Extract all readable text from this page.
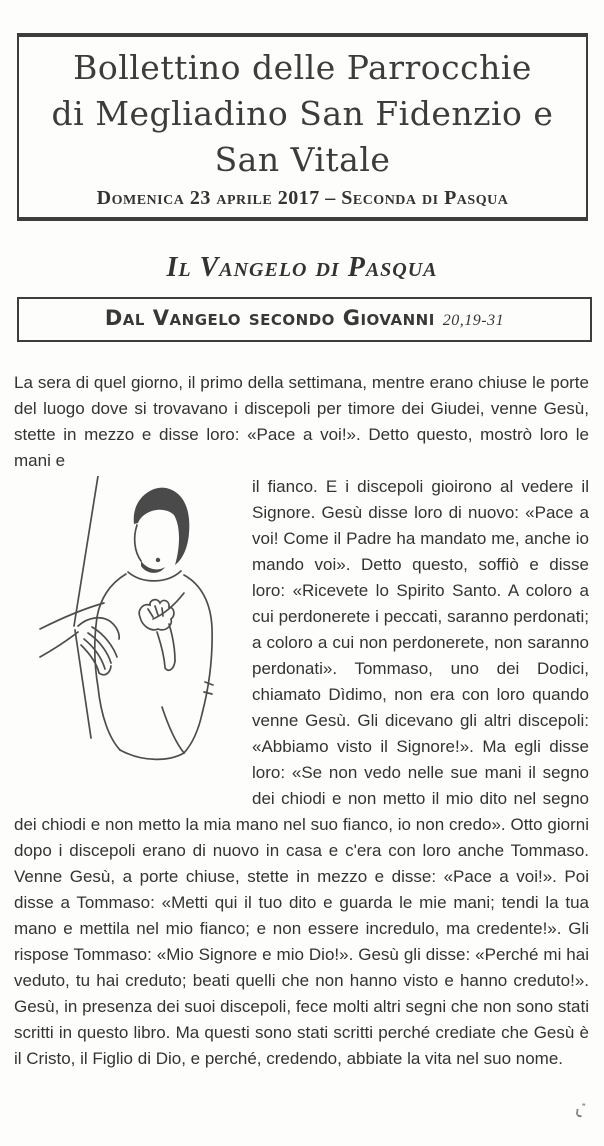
Bollettino delle Parrocchie
di Megliadino San Fidenzio e San Vitale
Domenica 23 aprile 2017 – Seconda di Pasqua
Il Vangelo di Pasqua
Dal Vangelo secondo Giovanni 20,19-31
La sera di quel giorno, il primo della settimana, mentre erano chiuse le porte del luogo dove si trovavano i discepoli per timore dei Giudei, venne Gesù, stette in mezzo e disse loro: «Pace a voi!». Detto questo, mostrò loro le mani e
il fianco. E i discepoli gioirono al vedere il Signore. Gesù disse loro di nuovo: «Pace a voi! Come il Padre ha mandato me, anche io mando voi». Detto questo, soffiò e disse loro: «Ricevete lo Spirito Santo. A coloro a cui perdonerete i peccati, saranno perdonati; a coloro a cui non perdonerete, non saranno perdonati». Tommaso, uno dei Dodici, chiamato Dìdimo, non era con loro quando venne Gesù. Gli dicevano gli altri discepoli: «Abbiamo visto il Signore!». Ma egli disse loro: «Se non vedo nelle sue mani il segno dei chiodi e non metto il mio dito nel segno dei chiodi e non metto la mia mano nel suo fianco, io non credo». Otto giorni dopo i discepoli erano di nuovo in casa e c'era con loro anche Tommaso. Venne Gesù, a porte chiuse, stette in mezzo e disse: «Pace a voi!». Poi disse a Tommaso: «Metti qui il tuo dito e guarda le mie mani; tendi la tua mano e mettila nel mio fianco; e non essere incredulo, ma credente!». Gli rispose Tommaso: «Mio Signore e mio Dio!». Gesù gli disse: «Perché mi hai veduto, tu hai creduto; beati quelli che non hanno visto e hanno creduto!». Gesù, in presenza dei suoi discepoli, fece molti altri segni che non sono stati scritti in questo libro. Ma questi sono stati scritti perché crediate che Gesù è il Cristo, il Figlio di Dio, e perché, credendo, abbiate la vita nel suo nome.
